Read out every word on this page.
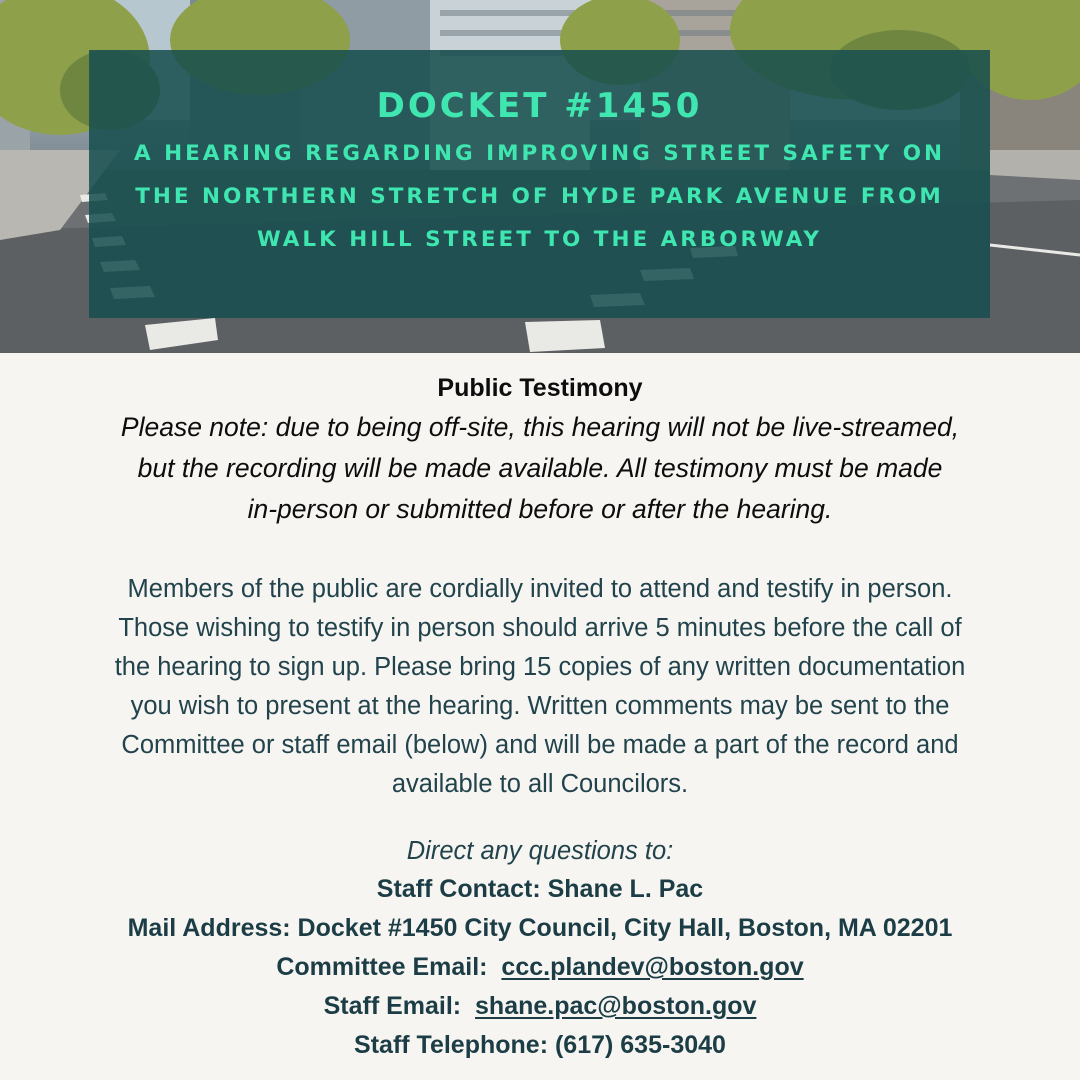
DOCKET #1450

A HEARING REGARDING IMPROVING STREET SAFETY ON
THE NORTHERN STRETCH OF HYDE PARK AVENUE FROM
WALK HILL STREET TO THE ARBORWAY

Public Testimony
Please note: due to being off-site, this hearing will not be live-streamed,
but the recording will be made available. All testimony must be made
in-person or submitted before or after the hearing.
Members of the public are cordially invited to attend and testify in person.
Those wishing to testify in person should arrive 5 minutes before the call of
the hearing to sign up. Please bring 15 copies of any written documentation
you wish to present at the hearing. Written comments may be sent to the
Committee or staff email (below) and will be made a part of the record and
available to all Councilors.
Direct any questions to:
Staff Contact: Shane L. Pac
Mail Address: Docket #1450 City Council, City Hall, Boston, MA 02201
Committee Email: ccc.plandev@boston.gov
Staff Email: shane.pac@boston.gov
Staff Telephone: (617) 635-3040
